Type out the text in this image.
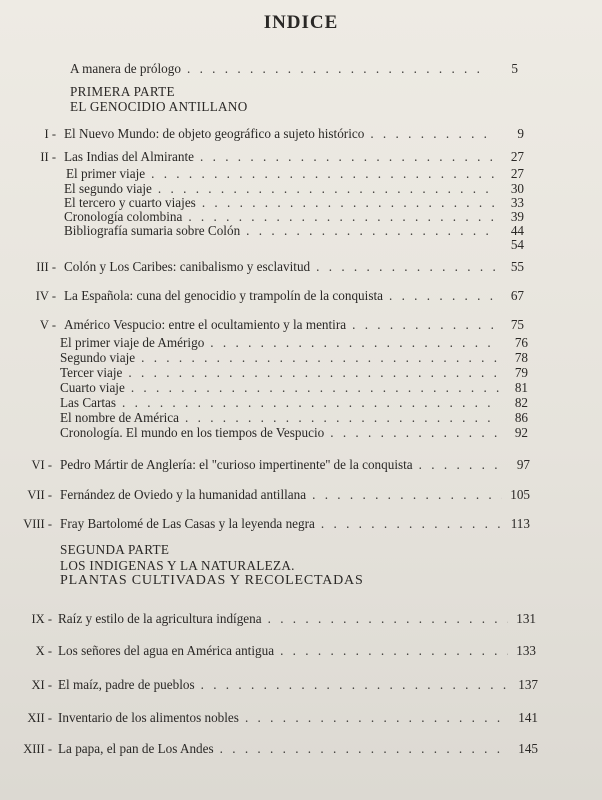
INDICE
A manera de prólogo . . .	5
PRIMERA PARTE
EL GENOCIDIO ANTILLANO
SEGUNDA PARTE
LOS INDIGENAS Y LA NATURALEZA.
PLANTAS CULTIVADAS Y RECOLECTADAS
I - El Nuevo Mundo: de objeto geográfico a sujeto histórico . . .	9
II - Las Indias del Almirante . . .	27
El primer viaje . . .	27
El segundo viaje . . .	30
El tercero y cuarto viajes . . .	33
Cronología colombina . . .	39
Bibliografía sumaria sobre Colón . . .	44
54
III - Colón y Los Caribes: canibalismo y esclavitud . . .	55
IV - La Española: cuna del genocidio y trampolín de la conquista . . .	67
V - Américo Vespucio: entre el ocultamiento y la mentira . . .	75
El primer viaje de Amérigo . . .	76
Segundo viaje . . .	78
Tercer viaje . . .	79
Cuarto viaje . . .	81
Las Cartas . . .	82
El nombre de América . . .	86
Cronología. El mundo en los tiempos de Vespucio . . .	92
VI - Pedro Mártir de Anglería: el ''curioso impertinente'' de la conquista . . .	97
VII - Fernández de Oviedo y la humanidad antillana . . .	105
VIII - Fray Bartolomé de Las Casas y la leyenda negra . . .	113
IX - Raíz y estilo de la agricultura indígena . . .	131
X - Los señores del agua en América antigua . . .	133
XI - El maíz, padre de pueblos . . .	137
XII - Inventario de los alimentos nobles . . .	141
XIII - La papa, el pan de Los Andes . . .	145
